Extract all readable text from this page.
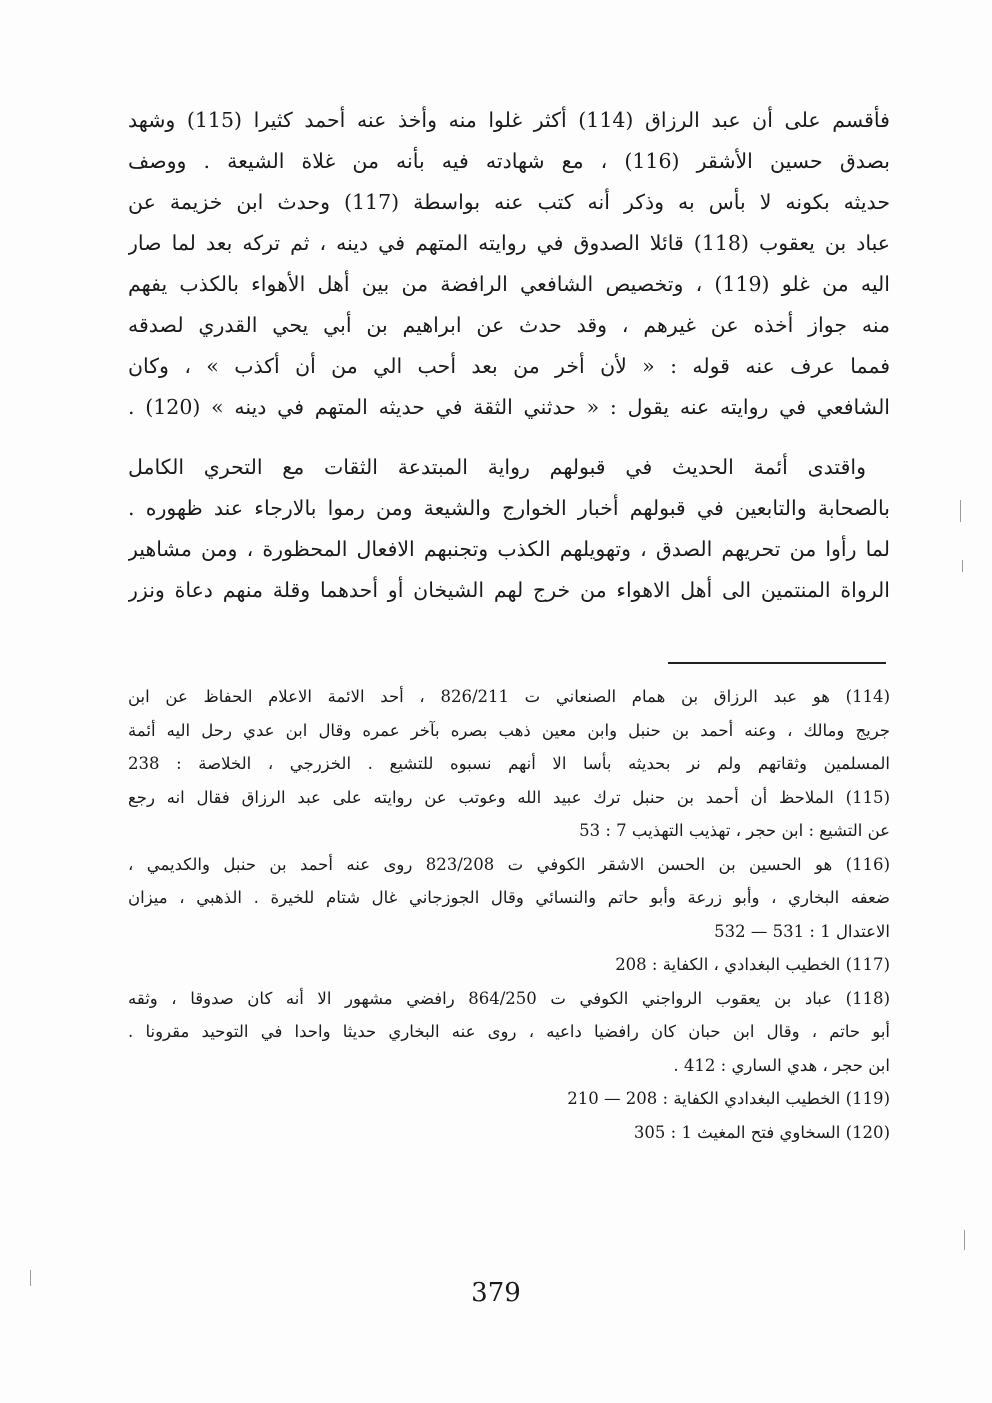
فأقسم على أن عبد الرزاق (114) أكثر غلوا منه وأخذ عنه أحمد كثيرا (115) وشهد
بصدق حسين الأشقر (116) ، مع شهادته فيه بأنه من غلاة الشيعة . ووصف
حديثه بكونه لا بأس به وذكر أنه كتب عنه بواسطة (117) وحدث ابن خزيمة عن
عباد بن يعقوب (118) قائلا الصدوق في روايته المتهم في دينه ، ثم تركه بعد لما صار
اليه من غلو (119) ، وتخصيص الشافعي الرافضة من بين أهل الأهواء بالكذب يفهم
منه جواز أخذه عن غيرهم ، وقد حدث عن ابراهيم بن أبي يحي القدري لصدقه
فمما عرف عنه قوله : « لأن أخر من بعد أحب الي من أن أكذب » ، وكان
الشافعي في روايته عنه يقول : « حدثني الثقة في حديثه المتهم في دينه » (120) .
واقتدى أئمة الحديث في قبولهم رواية المبتدعة الثقات مع التحري الكامل
بالصحابة والتابعين في قبولهم أخبار الخوارج والشيعة ومن رموا بالارجاء عند ظهوره .
لما رأوا من تحريهم الصدق ، وتهويلهم الكذب وتجنبهم الافعال المحظورة ، ومن مشاهير
الرواة المنتمين الى أهل الاهواء من خرج لهم الشيخان أو أحدهما وقلة منهم دعاة ونزر
(114) هو عبد الرزاق بن همام الصنعاني ت 826/211 ، أحد الائمة الاعلام الحفاظ عن ابن
جريج ومالك ، وعنه أحمد بن حنبل وابن معين ذهب بصره بآخر عمره وقال ابن عدي رحل اليه أئمة
المسلمين وثقاتهم ولم نر بحديثه بأسا الا أنهم نسبوه للتشيع . الخزرجي ، الخلاصة : 238
(115) الملاحظ أن أحمد بن حنبل ترك عبيد الله وعوتب عن روايته على عبد الرزاق فقال انه رجع
عن التشيع : ابن حجر ، تهذيب التهذيب 7 : 53
(116) هو الحسين بن الحسن الاشقر الكوفي ت 823/208 روى عنه أحمد بن حنبل والكديمي ،
ضعفه البخاري ، وأبو زرعة وأبو حاتم والنسائي وقال الجوزجاني غال شتام للخيرة . الذهبي ، ميزان
الاعتدال 1 : 531 — 532
(117) الخطيب البغدادي ، الكفاية : 208
(118) عباد بن يعقوب الرواجني الكوفي ت 864/250 رافضي مشهور الا أنه كان صدوقا ، وثقه
أبو حاتم ، وقال ابن حبان كان رافضيا داعيه ، روى عنه البخاري حديثا واحدا في التوحيد مقرونا .
ابن حجر ، هدي الساري : 412 .
(119) الخطيب البغدادي الكفاية : 208 — 210
(120) السخاوي فتح المغيث 1 : 305
379
